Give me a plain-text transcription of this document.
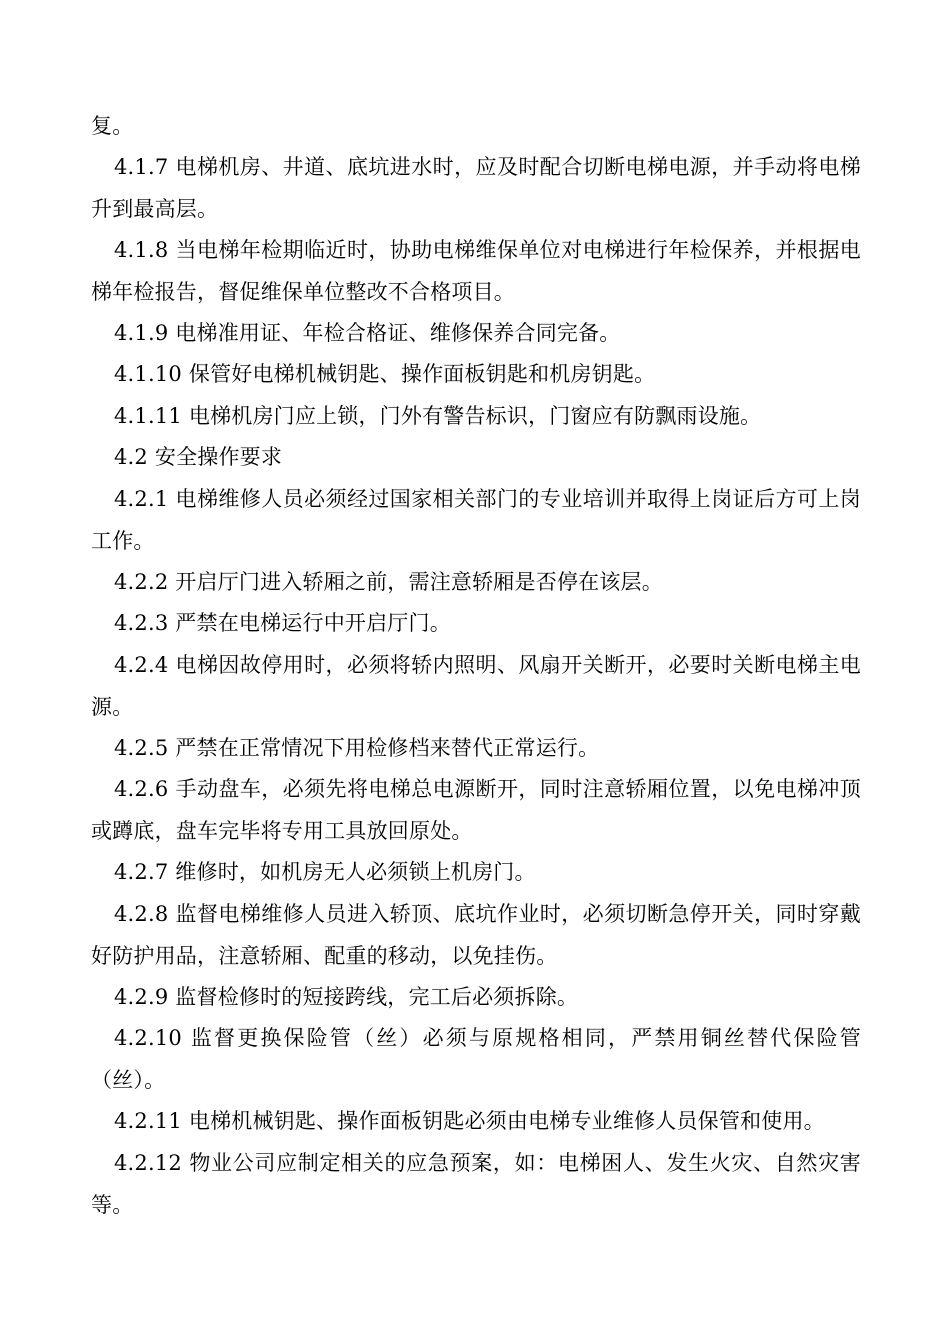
复。

4.1.7 电梯机房、井道、底坑进水时，应及时配合切断电梯电源，并手动将电梯升到最高层。

4.1.8 当电梯年检期临近时，协助电梯维保单位对电梯进行年检保养，并根据电梯年检报告，督促维保单位整改不合格项目。

4.1.9 电梯准用证、年检合格证、维修保养合同完备。

4.1.10 保管好电梯机械钥匙、操作面板钥匙和机房钥匙。

4.1.11 电梯机房门应上锁，门外有警告标识，门窗应有防飘雨设施。

4.2 安全操作要求

4.2.1 电梯维修人员必须经过国家相关部门的专业培训并取得上岗证后方可上岗工作。

4.2.2 开启厅门进入轿厢之前，需注意轿厢是否停在该层。

4.2.3 严禁在电梯运行中开启厅门。

4.2.4 电梯因故停用时，必须将轿内照明、风扇开关断开，必要时关断电梯主电源。

4.2.5 严禁在正常情况下用检修档来替代正常运行。

4.2.6 手动盘车，必须先将电梯总电源断开，同时注意轿厢位置，以免电梯冲顶或蹲底，盘车完毕将专用工具放回原处。

4.2.7 维修时，如机房无人必须锁上机房门。

4.2.8 监督电梯维修人员进入轿顶、底坑作业时，必须切断急停开关，同时穿戴好防护用品，注意轿厢、配重的移动，以免挂伤。

4.2.9 监督检修时的短接跨线，完工后必须拆除。

4.2.10 监督更换保险管（丝）必须与原规格相同，严禁用铜丝替代保险管（丝）。

4.2.11 电梯机械钥匙、操作面板钥匙必须由电梯专业维修人员保管和使用。

4.2.12 物业公司应制定相关的应急预案，如：电梯困人、发生火灾、自然灾害等。
